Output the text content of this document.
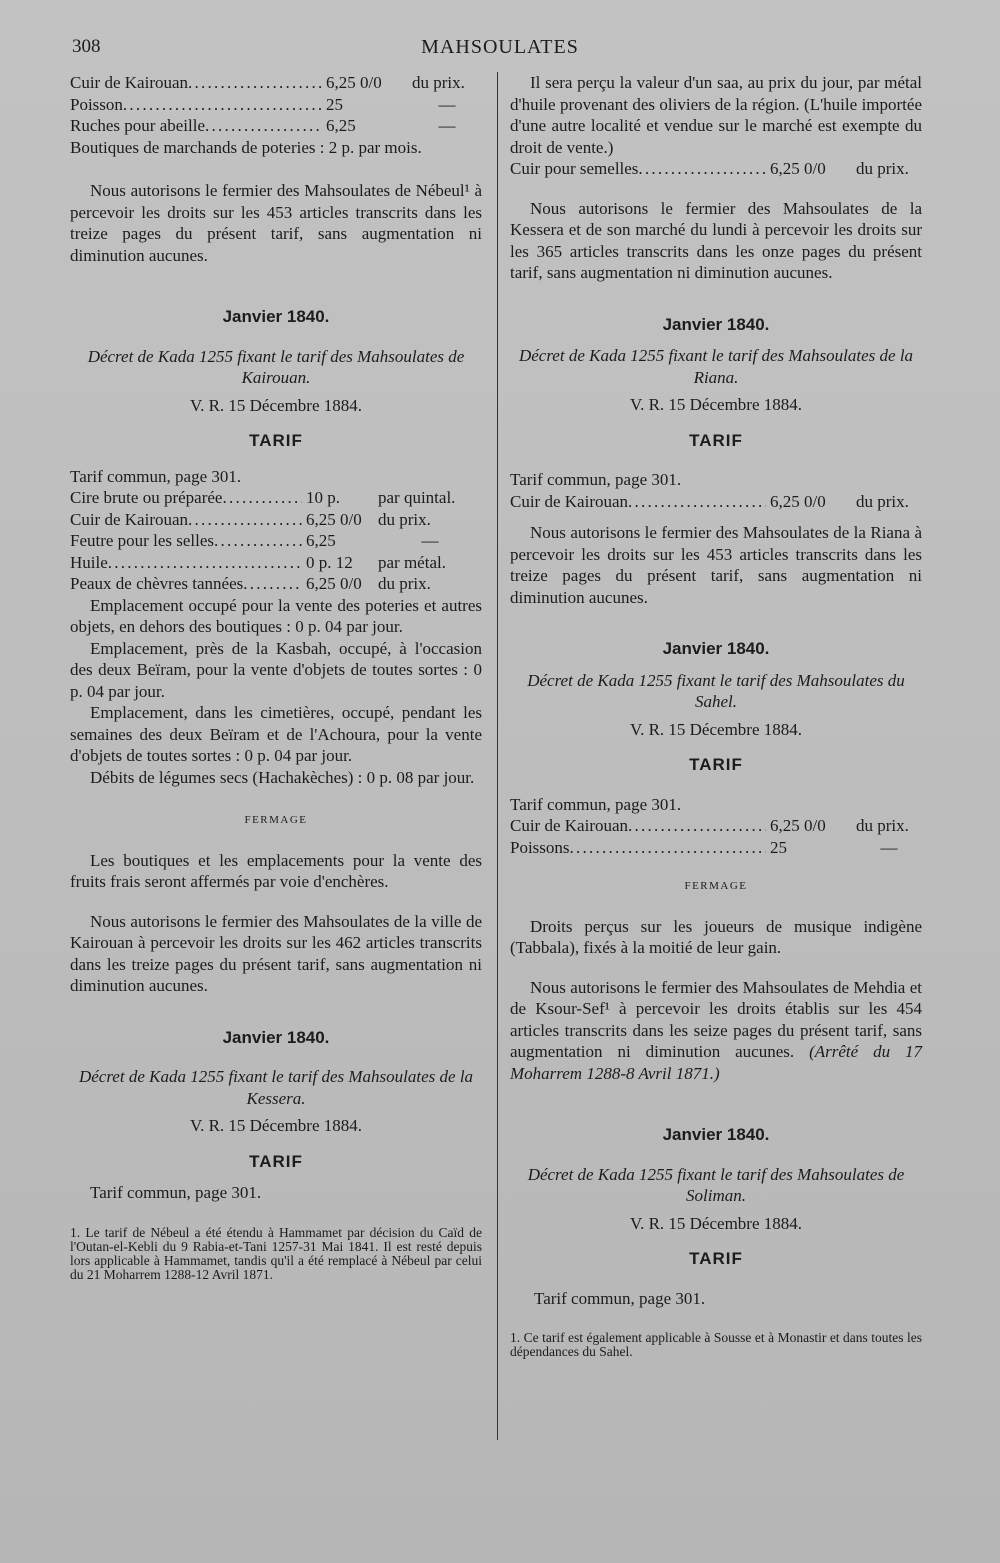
308	MAHSOULATES
Cuir de Kairouan . . .	6,25 0/0	du prix.
Poisson . . .	25	—
Ruches pour abeille . . .	6,25	—

Boutiques de marchands de poteries : 2 p. par mois.

Nous autorisons le fermier des Mahsoulates de Nébeul¹ à percevoir les droits sur les 453 articles transcrits dans les treize pages du présent tarif, sans augmentation ni diminution aucunes.

Janvier 1840.

Décret de Kada 1255 fixant le tarif des Mahsoulates de Kairouan.

V. R. 15 Décembre 1884.

TARIF

Tarif commun, page 301.

Cire brute ou préparée . . .	10 p.	par quintal.
Cuir de Kairouan . . .	6,25 0/0 du prix.
Feutre pour les selles . . .	6,25	—
Huile . . .	0 p. 12	par métal.
Peaux de chèvres tannées . . .	6,25 0/0 du prix.

Emplacement occupé pour la vente des poteries et autres objets, en dehors des boutiques : 0 p. 04 par jour.

Emplacement, près de la Kasbah, occupé, à l'occasion des deux Beïram, pour la vente d'objets de toutes sortes : 0 p. 04 par jour.

Emplacement, dans les cimetières, occupé, pendant les semaines des deux Beïram et de l'Achoura, pour la vente d'objets de toutes sortes : 0 p. 04 par jour.

Débits de légumes secs (Hachakèches) : 0 p. 08 par jour.

FERMAGE

Les boutiques et les emplacements pour la vente des fruits frais seront affermés par voie d'enchères.

Nous autorisons le fermier des Mahsoulates de la ville de Kairouan à percevoir les droits sur les 462 articles transcrits dans les treize pages du présent tarif, sans augmentation ni diminution aucunes.

Janvier 1840.

Décret de Kada 1255 fixant le tarif des Mahsoulates de la Kessera.

V. R. 15 Décembre 1884.

TARIF

Tarif commun, page 301.

1. Le tarif de Nébeul a été étendu à Hammamet par décision du Caïd de l'Outan-el-Kebli du 9 Rabia-et-Tani 1257-31 Mai 1841. Il est resté depuis lors applicable à Hammamet, tandis qu'il a été remplacé à Nébeul par celui du 21 Moharrem 1288-12 Avril 1871.

Il sera perçu la valeur d'un saa, au prix du jour, par métal d'huile provenant des oliviers de la région. (L'huile importée d'une autre localité et vendue sur le marché est exempte du droit de vente.)

Cuir pour semelles . . .	6,25 0/0	du prix.

Nous autorisons le fermier des Mahsoulates de la Kessera et de son marché du lundi à percevoir les droits sur les 365 articles transcrits dans les onze pages du présent tarif, sans augmentation ni diminution aucunes.

Janvier 1840.

Décret de Kada 1255 fixant le tarif des Mahsoulates de la Riana.

V. R. 15 Décembre 1884.

TARIF

Tarif commun, page 301.

Cuir de Kairouan . . .	6,25 0/0	du prix.

Nous autorisons le fermier des Mahsoulates de la Riana à percevoir les droits sur les 453 articles transcrits dans les treize pages du présent tarif, sans augmentation ni diminution aucunes.

Janvier 1840.

Décret de Kada 1255 fixant le tarif des Mahsoulates du Sahel.

V. R. 15 Décembre 1884.

TARIF

Tarif commun, page 301.

Cuir de Kairouan . . .	6,25 0/0	du prix.
Poissons . . .	25	—

FERMAGE

Droits perçus sur les joueurs de musique indigène (Tabbala), fixés à la moitié de leur gain.

Nous autorisons le fermier des Mahsoulates de Mehdia et de Ksour-Sef¹ à percevoir les droits établis sur les 454 articles transcrits dans les seize pages du présent tarif, sans augmentation ni diminution aucunes. (Arrêté du 17 Moharrem 1288-8 Avril 1871.)

Janvier 1840.

Décret de Kada 1255 fixant le tarif des Mahsoulates de Soliman.

V. R. 15 Décembre 1884.

TARIF

Tarif commun, page 301.

1. Ce tarif est également applicable à Sousse et à Monastir et dans toutes les dépendances du Sahel.
